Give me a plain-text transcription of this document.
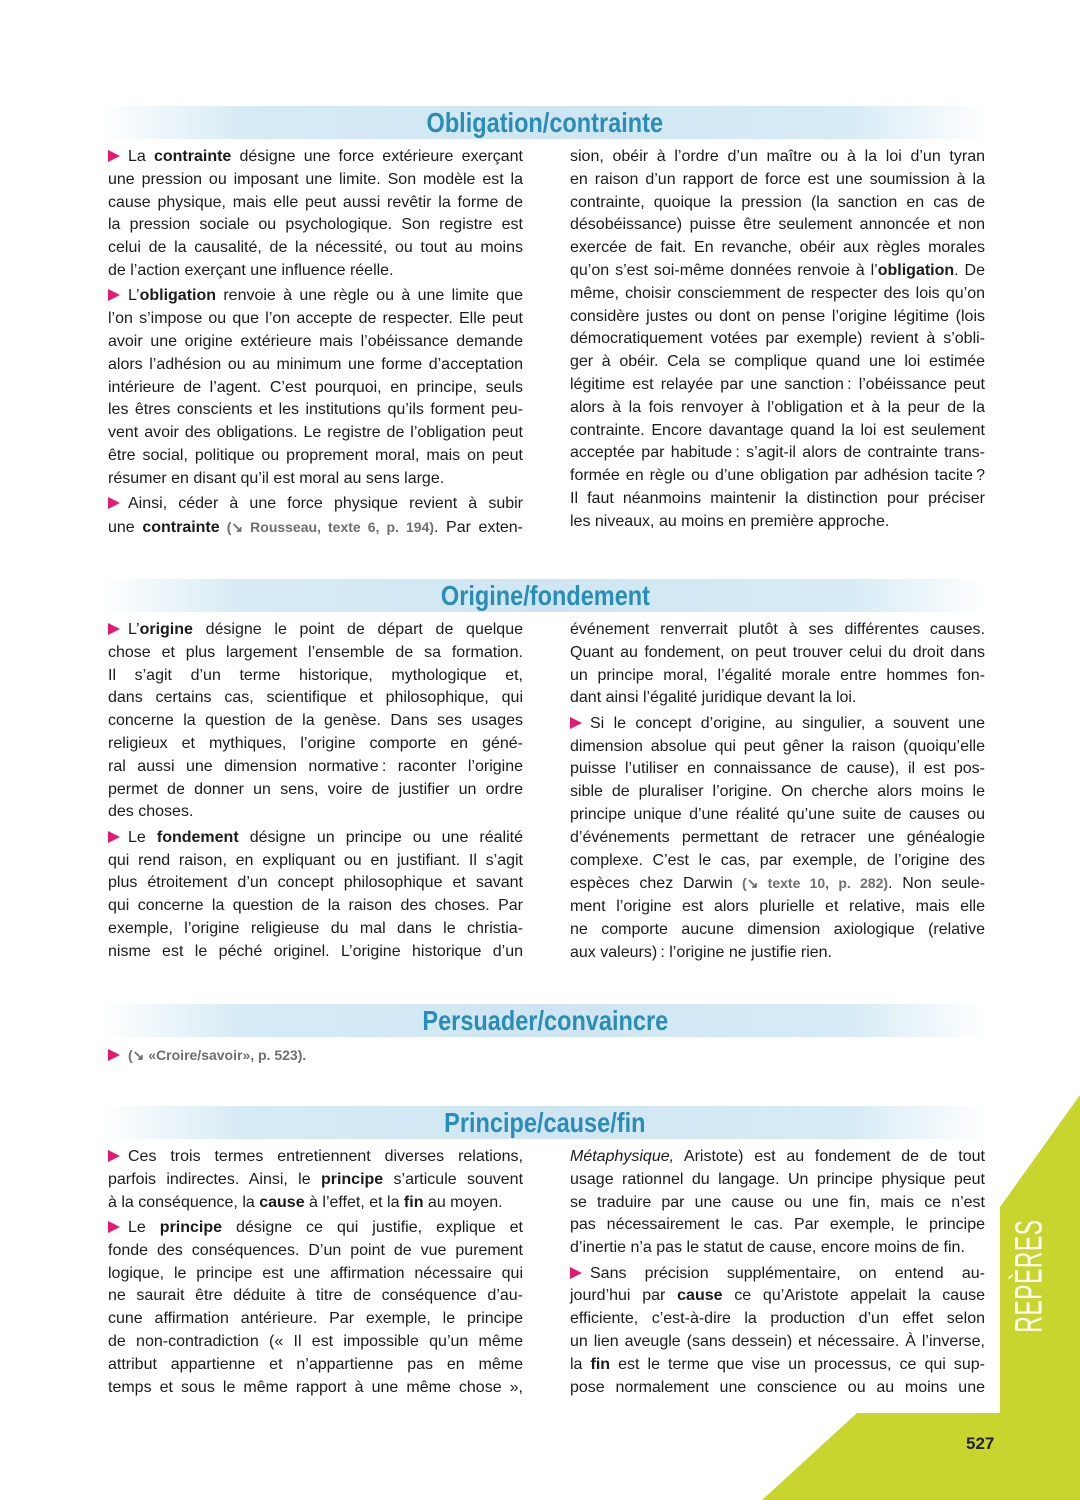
Obligation/contrainte
La contrainte désigne une force extérieure exerçant
une pression ou imposant une limite. Son modèle est la
cause physique, mais elle peut aussi revêtir la forme de
la pression sociale ou psychologique. Son registre est
celui de la causalité, de la nécessité, ou tout au moins
de l’action exerçant une influence réelle.
L’obligation renvoie à une règle ou à une limite que
l’on s’impose ou que l’on accepte de respecter. Elle peut
avoir une origine extérieure mais l’obéissance demande
alors l’adhésion ou au minimum une forme d’acceptation
intérieure de l’agent. C’est pourquoi, en principe, seuls
les êtres conscients et les institutions qu’ils forment peu-
vent avoir des obligations. Le registre de l’obligation peut
être social, politique ou proprement moral, mais on peut
résumer en disant qu’il est moral au sens large.
Ainsi, céder à une force physique revient à subir
une contrainte (↘ Rousseau, texte 6, p. 194). Par exten-
sion, obéir à l’ordre d’un maître ou à la loi d’un tyran
en raison d’un rapport de force est une soumission à la
contrainte, quoique la pression (la sanction en cas de
désobéissance) puisse être seulement annoncée et non
exercée de fait. En revanche, obéir aux règles morales
qu’on s’est soi-même données renvoie à l’obligation. De
même, choisir consciemment de respecter des lois qu’on
considère justes ou dont on pense l’origine légitime (lois
démocratiquement votées par exemple) revient à s’obli-
ger à obéir. Cela se complique quand une loi estimée
légitime est relayée par une sanction : l’obéissance peut
alors à la fois renvoyer à l’obligation et à la peur de la
contrainte. Encore davantage quand la loi est seulement
acceptée par habitude : s’agit-il alors de contrainte trans-
formée en règle ou d’une obligation par adhésion tacite ?
Il faut néanmoins maintenir la distinction pour préciser
les niveaux, au moins en première approche.
Origine/fondement
L’origine désigne le point de départ de quelque
chose et plus largement l’ensemble de sa formation.
Il s’agit d’un terme historique, mythologique et,
dans certains cas, scientifique et philosophique, qui
concerne la question de la genèse. Dans ses usages
religieux et mythiques, l’origine comporte en géné-
ral aussi une dimension normative : raconter l’origine
permet de donner un sens, voire de justifier un ordre
des choses.
Le fondement désigne un principe ou une réalité
qui rend raison, en expliquant ou en justifiant. Il s’agit
plus étroitement d’un concept philosophique et savant
qui concerne la question de la raison des choses. Par
exemple, l’origine religieuse du mal dans le christia-
nisme est le péché originel. L’origine historique d’un
événement renverrait plutôt à ses différentes causes.
Quant au fondement, on peut trouver celui du droit dans
un principe moral, l’égalité morale entre hommes fon-
dant ainsi l’égalité juridique devant la loi.
Si le concept d’origine, au singulier, a souvent une
dimension absolue qui peut gêner la raison (quoiqu’elle
puisse l’utiliser en connaissance de cause), il est pos-
sible de pluraliser l’origine. On cherche alors moins le
principe unique d’une réalité qu’une suite de causes ou
d’événements permettant de retracer une généalogie
complexe. C’est le cas, par exemple, de l’origine des
espèces chez Darwin (↘ texte 10, p. 282). Non seule-
ment l’origine est alors plurielle et relative, mais elle
ne comporte aucune dimension axiologique (relative
aux valeurs) : l’origine ne justifie rien.
Persuader/convaincre
(↘ «Croire/savoir», p. 523).
Principe/cause/fin
Ces trois termes entretiennent diverses relations,
parfois indirectes. Ainsi, le principe s’articule souvent
à la conséquence, la cause à l’effet, et la fin au moyen.
Le principe désigne ce qui justifie, explique et
fonde des conséquences. D’un point de vue purement
logique, le principe est une affirmation nécessaire qui
ne saurait être déduite à titre de conséquence d’au-
cune affirmation antérieure. Par exemple, le principe
de non-contradiction (« Il est impossible qu’un même
attribut appartienne et n’appartienne pas en même
temps et sous le même rapport à une même chose »,
Métaphysique, Aristote) est au fondement de de tout
usage rationnel du langage. Un principe physique peut
se traduire par une cause ou une fin, mais ce n’est
pas nécessairement le cas. Par exemple, le principe
d’inertie n’a pas le statut de cause, encore moins de fin.
Sans précision supplémentaire, on entend au-
jourd’hui par cause ce qu’Aristote appelait la cause
efficiente, c’est-à-dire la production d’un effet selon
un lien aveugle (sans dessein) et nécessaire. À l’inverse,
la fin est le terme que vise un processus, ce qui sup-
pose normalement une conscience ou au moins une
REPÈRES
527
